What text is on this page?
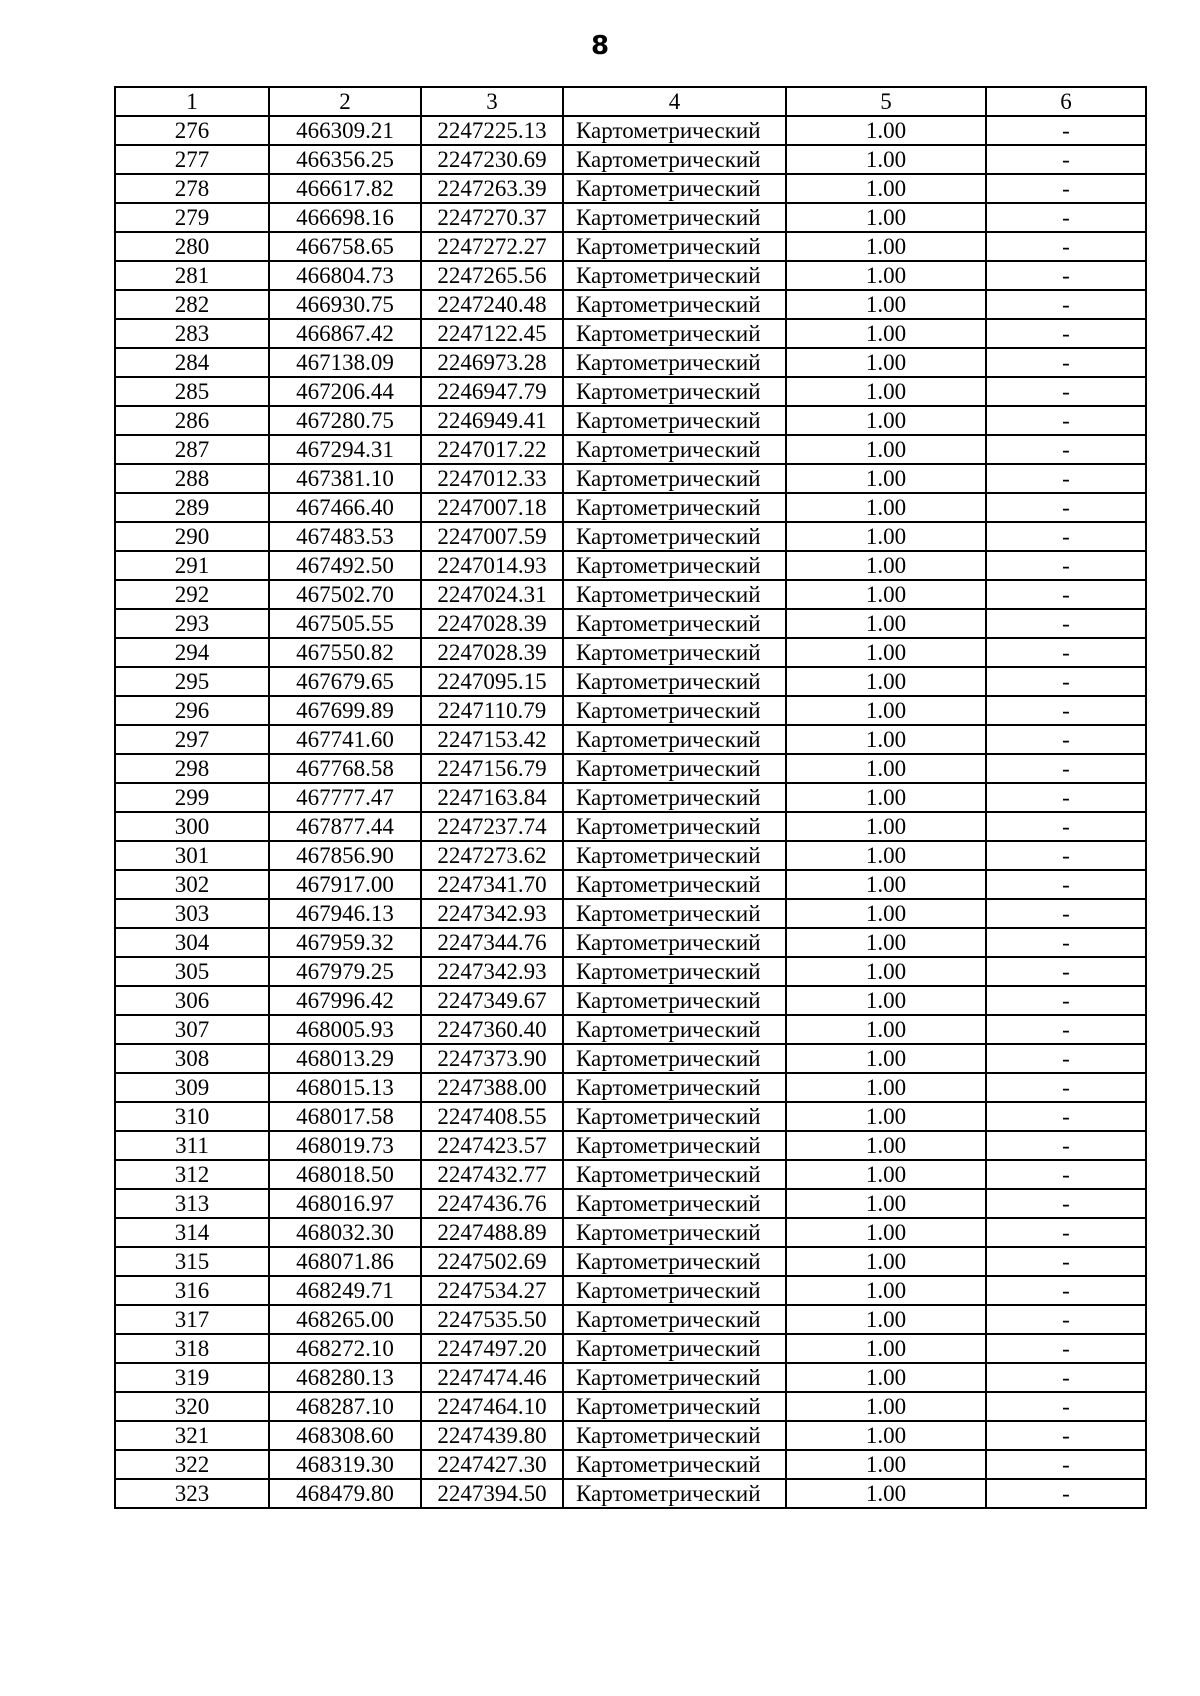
8
1	2	3	4	5	6
276	466309.21	2247225.13	Картометрический	1.00	-
277	466356.25	2247230.69	Картометрический	1.00	-
278	466617.82	2247263.39	Картометрический	1.00	-
279	466698.16	2247270.37	Картометрический	1.00	-
280	466758.65	2247272.27	Картометрический	1.00	-
281	466804.73	2247265.56	Картометрический	1.00	-
282	466930.75	2247240.48	Картометрический	1.00	-
283	466867.42	2247122.45	Картометрический	1.00	-
284	467138.09	2246973.28	Картометрический	1.00	-
285	467206.44	2246947.79	Картометрический	1.00	-
286	467280.75	2246949.41	Картометрический	1.00	-
287	467294.31	2247017.22	Картометрический	1.00	-
288	467381.10	2247012.33	Картометрический	1.00	-
289	467466.40	2247007.18	Картометрический	1.00	-
290	467483.53	2247007.59	Картометрический	1.00	-
291	467492.50	2247014.93	Картометрический	1.00	-
292	467502.70	2247024.31	Картометрический	1.00	-
293	467505.55	2247028.39	Картометрический	1.00	-
294	467550.82	2247028.39	Картометрический	1.00	-
295	467679.65	2247095.15	Картометрический	1.00	-
296	467699.89	2247110.79	Картометрический	1.00	-
297	467741.60	2247153.42	Картометрический	1.00	-
298	467768.58	2247156.79	Картометрический	1.00	-
299	467777.47	2247163.84	Картометрический	1.00	-
300	467877.44	2247237.74	Картометрический	1.00	-
301	467856.90	2247273.62	Картометрический	1.00	-
302	467917.00	2247341.70	Картометрический	1.00	-
303	467946.13	2247342.93	Картометрический	1.00	-
304	467959.32	2247344.76	Картометрический	1.00	-
305	467979.25	2247342.93	Картометрический	1.00	-
306	467996.42	2247349.67	Картометрический	1.00	-
307	468005.93	2247360.40	Картометрический	1.00	-
308	468013.29	2247373.90	Картометрический	1.00	-
309	468015.13	2247388.00	Картометрический	1.00	-
310	468017.58	2247408.55	Картометрический	1.00	-
311	468019.73	2247423.57	Картометрический	1.00	-
312	468018.50	2247432.77	Картометрический	1.00	-
313	468016.97	2247436.76	Картометрический	1.00	-
314	468032.30	2247488.89	Картометрический	1.00	-
315	468071.86	2247502.69	Картометрический	1.00	-
316	468249.71	2247534.27	Картометрический	1.00	-
317	468265.00	2247535.50	Картометрический	1.00	-
318	468272.10	2247497.20	Картометрический	1.00	-
319	468280.13	2247474.46	Картометрический	1.00	-
320	468287.10	2247464.10	Картометрический	1.00	-
321	468308.60	2247439.80	Картометрический	1.00	-
322	468319.30	2247427.30	Картометрический	1.00	-
323	468479.80	2247394.50	Картометрический	1.00	-
